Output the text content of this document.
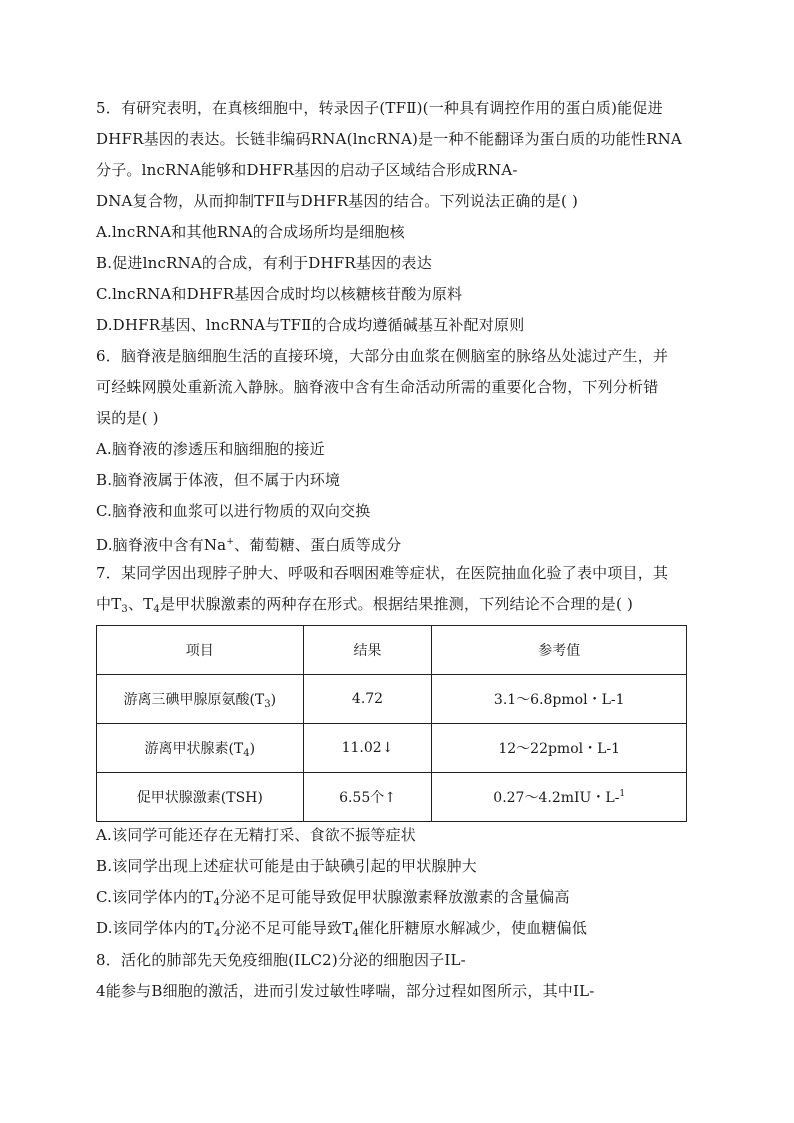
5．有研究表明，在真核细胞中，转录因子(TFⅡ)(一种具有调控作用的蛋白质)能促进
DHFR基因的表达。长链非编码RNA(lncRNA)是一种不能翻译为蛋白质的功能性RNA
分子。lncRNA能够和DHFR基因的启动子区域结合形成RNA-
DNA复合物，从而抑制TFⅡ与DHFR基因的结合。下列说法正确的是( )
A.lncRNA和其他RNA的合成场所均是细胞核
B.促进lncRNA的合成，有利于DHFR基因的表达
C.lncRNA和DHFR基因合成时均以核糖核苷酸为原料
D.DHFR基因、lncRNA与TFⅡ的合成均遵循碱基互补配对原则
6．脑脊液是脑细胞生活的直接环境，大部分由血浆在侧脑室的脉络丛处滤过产生，并
可经蛛网膜处重新流入静脉。脑脊液中含有生命活动所需的重要化合物，下列分析错
误的是( )
A.脑脊液的渗透压和脑细胞的接近
B.脑脊液属于体液，但不属于内环境
C.脑脊液和血浆可以进行物质的双向交换
D.脑脊液中含有Na+、葡萄糖、蛋白质等成分
7．某同学因出现脖子肿大、呼吸和吞咽困难等症状，在医院抽血化验了表中项目，其
中$T_3$、$T_4$是甲状腺激素的两种存在形式。根据结果推测，下列结论不合理的是( )
项目	结果	参考值
游离三碘甲腺原氨酸$(T_3)$	4.72	3.1～6.8pmol・L-1
游离甲状腺素$(T_4)$	11.02↓	12～22pmol・L-1
促甲状腺激素(TSH)	6.55个↑	0.27～4.2mIU・L-$^1$
A.该同学可能还存在无精打采、食欲不振等症状
B.该同学出现上述症状可能是由于缺碘引起的甲状腺肿大
C.该同学体内的$T_4$分泌不足可能导致促甲状腺激素释放激素的含量偏高
D.该同学体内的$T_4$分泌不足可能导致$T_4$催化肝糖原水解减少，使血糖偏低
8．活化的肺部先天免疫细胞(ILC2)分泌的细胞因子IL-
4能参与B细胞的激活，进而引发过敏性哮喘，部分过程如图所示，其中IL-
